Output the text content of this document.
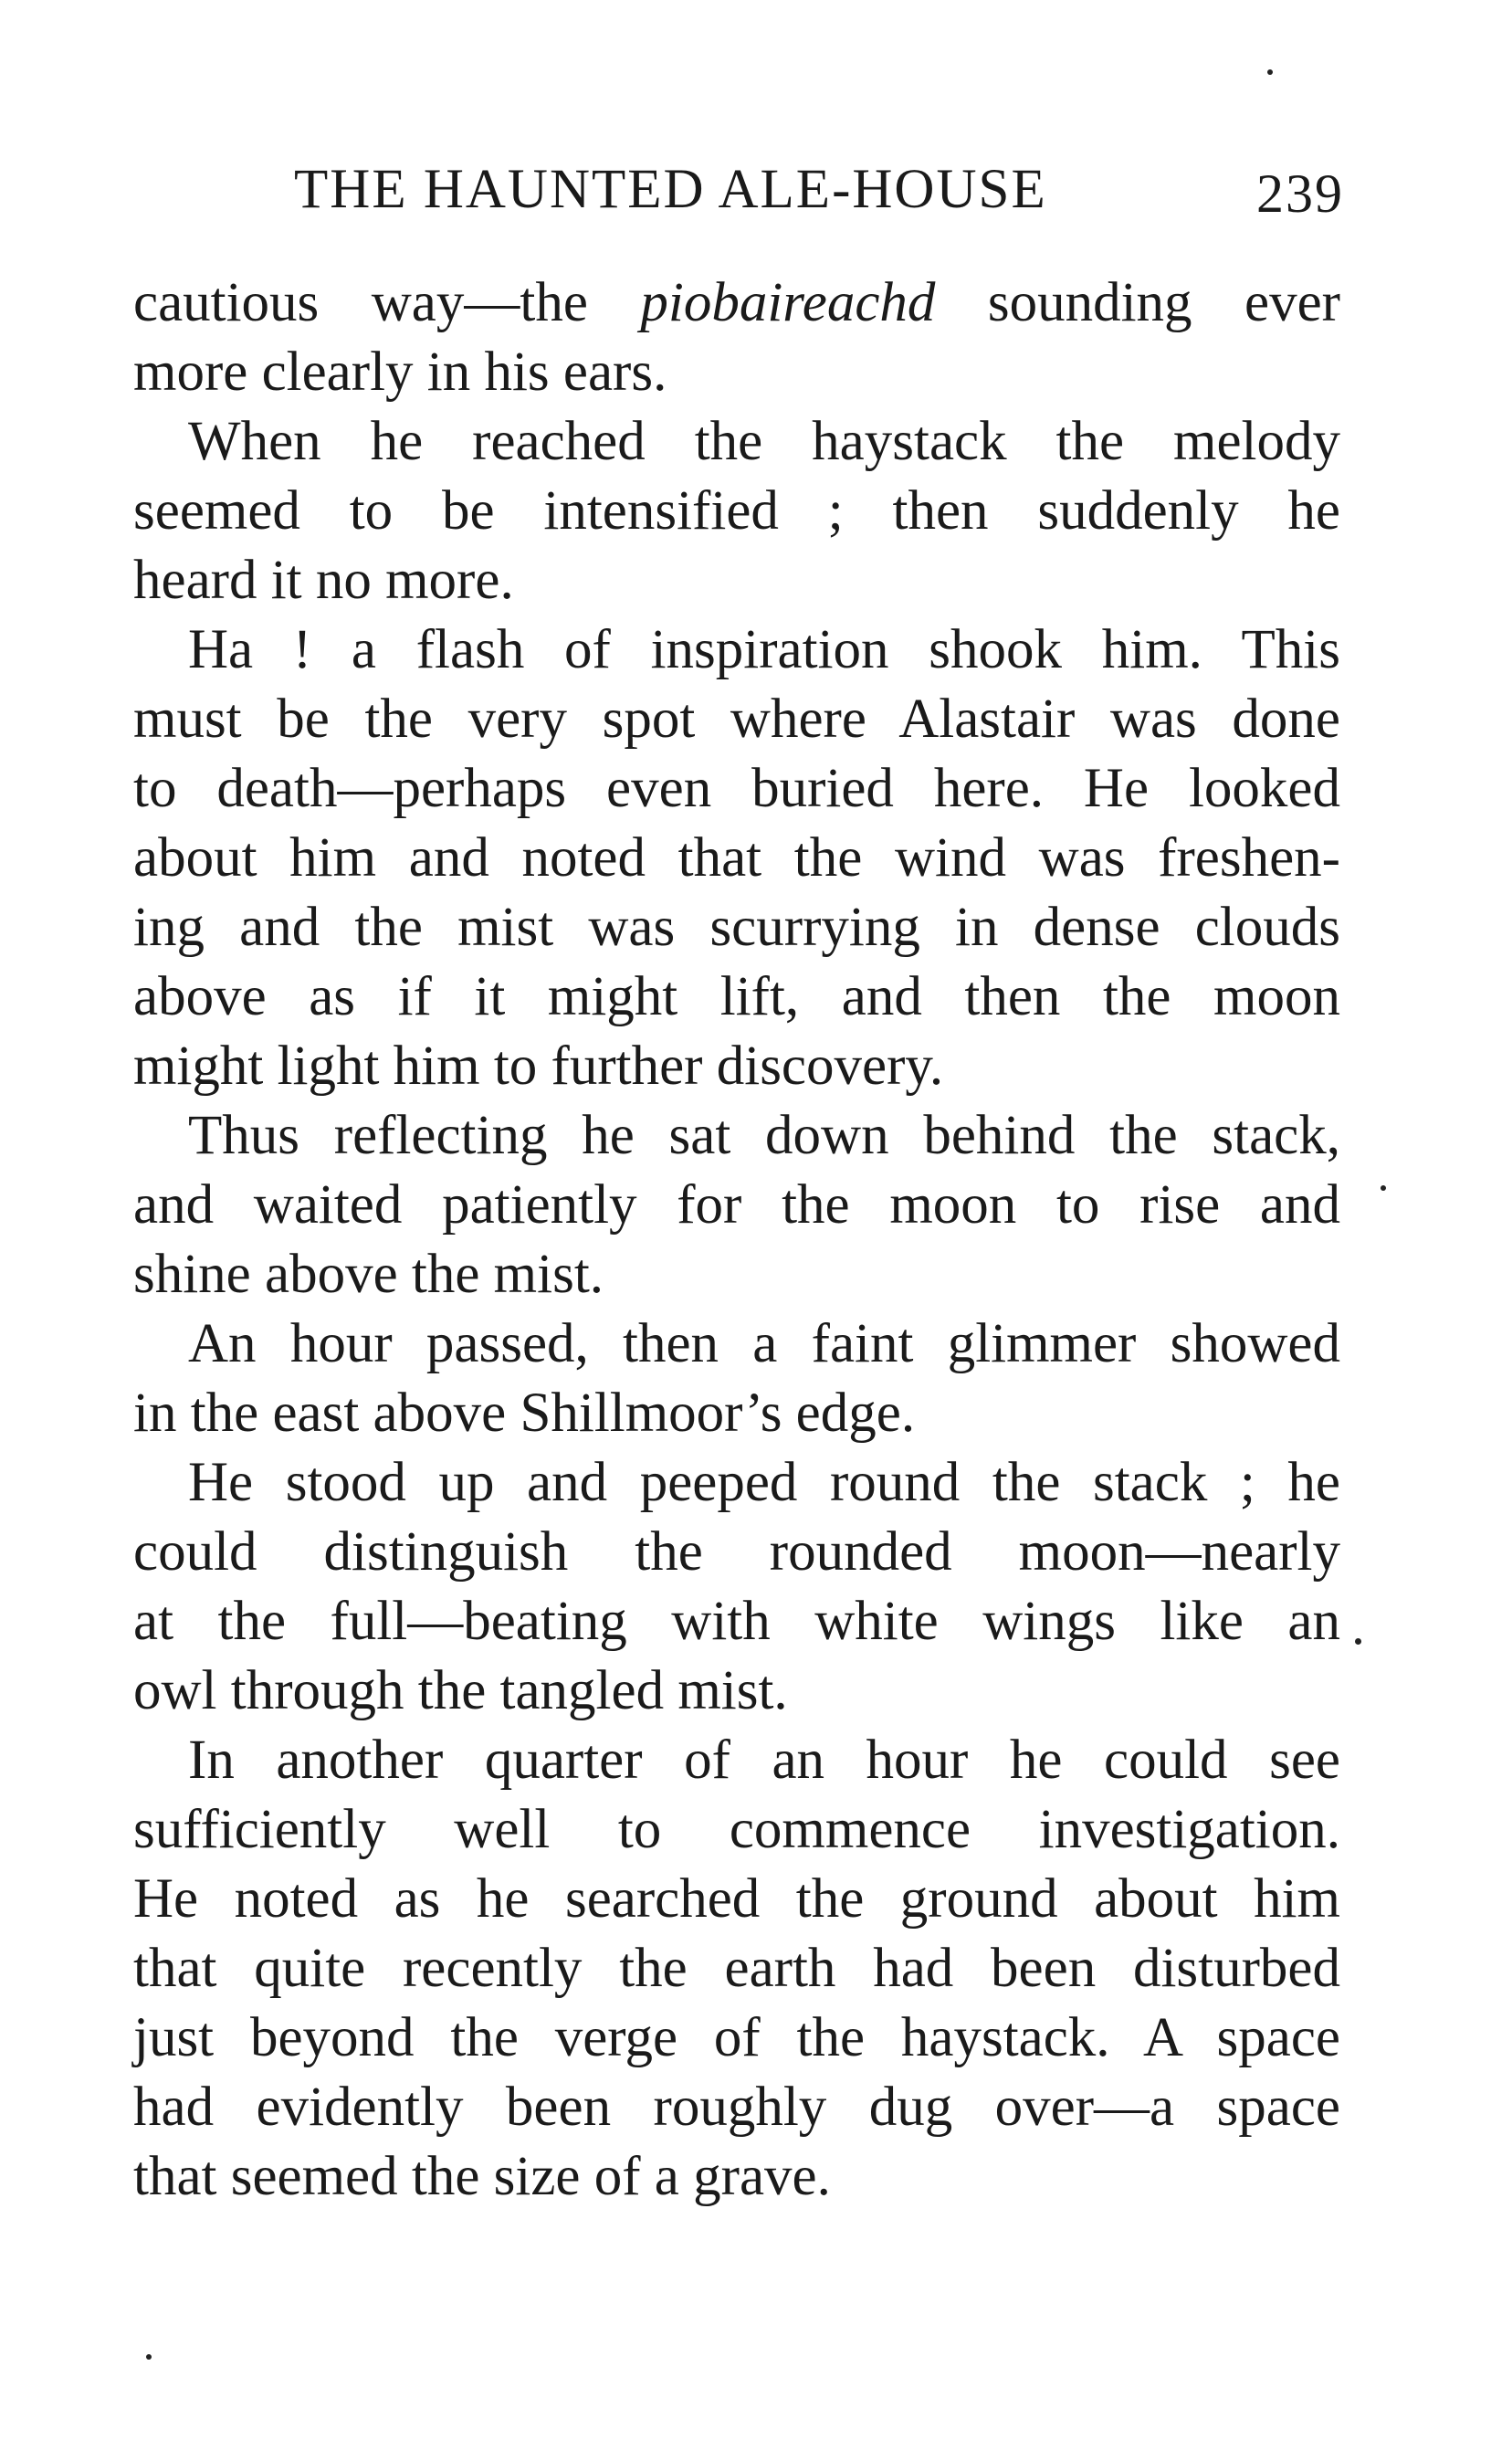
THE HAUNTED ALE-HOUSE	239
cautious way—the piobaireachd sounding ever
more clearly in his ears.
When he reached the haystack the melody
seemed to be intensified ; then suddenly he
heard it no more.
Ha ! a flash of inspiration shook him. This
must be the very spot where Alastair was done
to death—perhaps even buried here. He looked
about him and noted that the wind was freshen-
ing and the mist was scurrying in dense clouds
above as if it might lift, and then the moon
might light him to further discovery.
Thus reflecting he sat down behind the stack,
and waited patiently for the moon to rise and
shine above the mist.
An hour passed, then a faint glimmer showed
in the east above Shillmoor’s edge.
He stood up and peeped round the stack ; he
could distinguish the rounded moon—nearly
at the full—beating with white wings like an
owl through the tangled mist.
In another quarter of an hour he could see
sufficiently well to commence investigation.
He noted as he searched the ground about him
that quite recently the earth had been disturbed
just beyond the verge of the haystack. A space
had evidently been roughly dug over—a space
that seemed the size of a grave.
